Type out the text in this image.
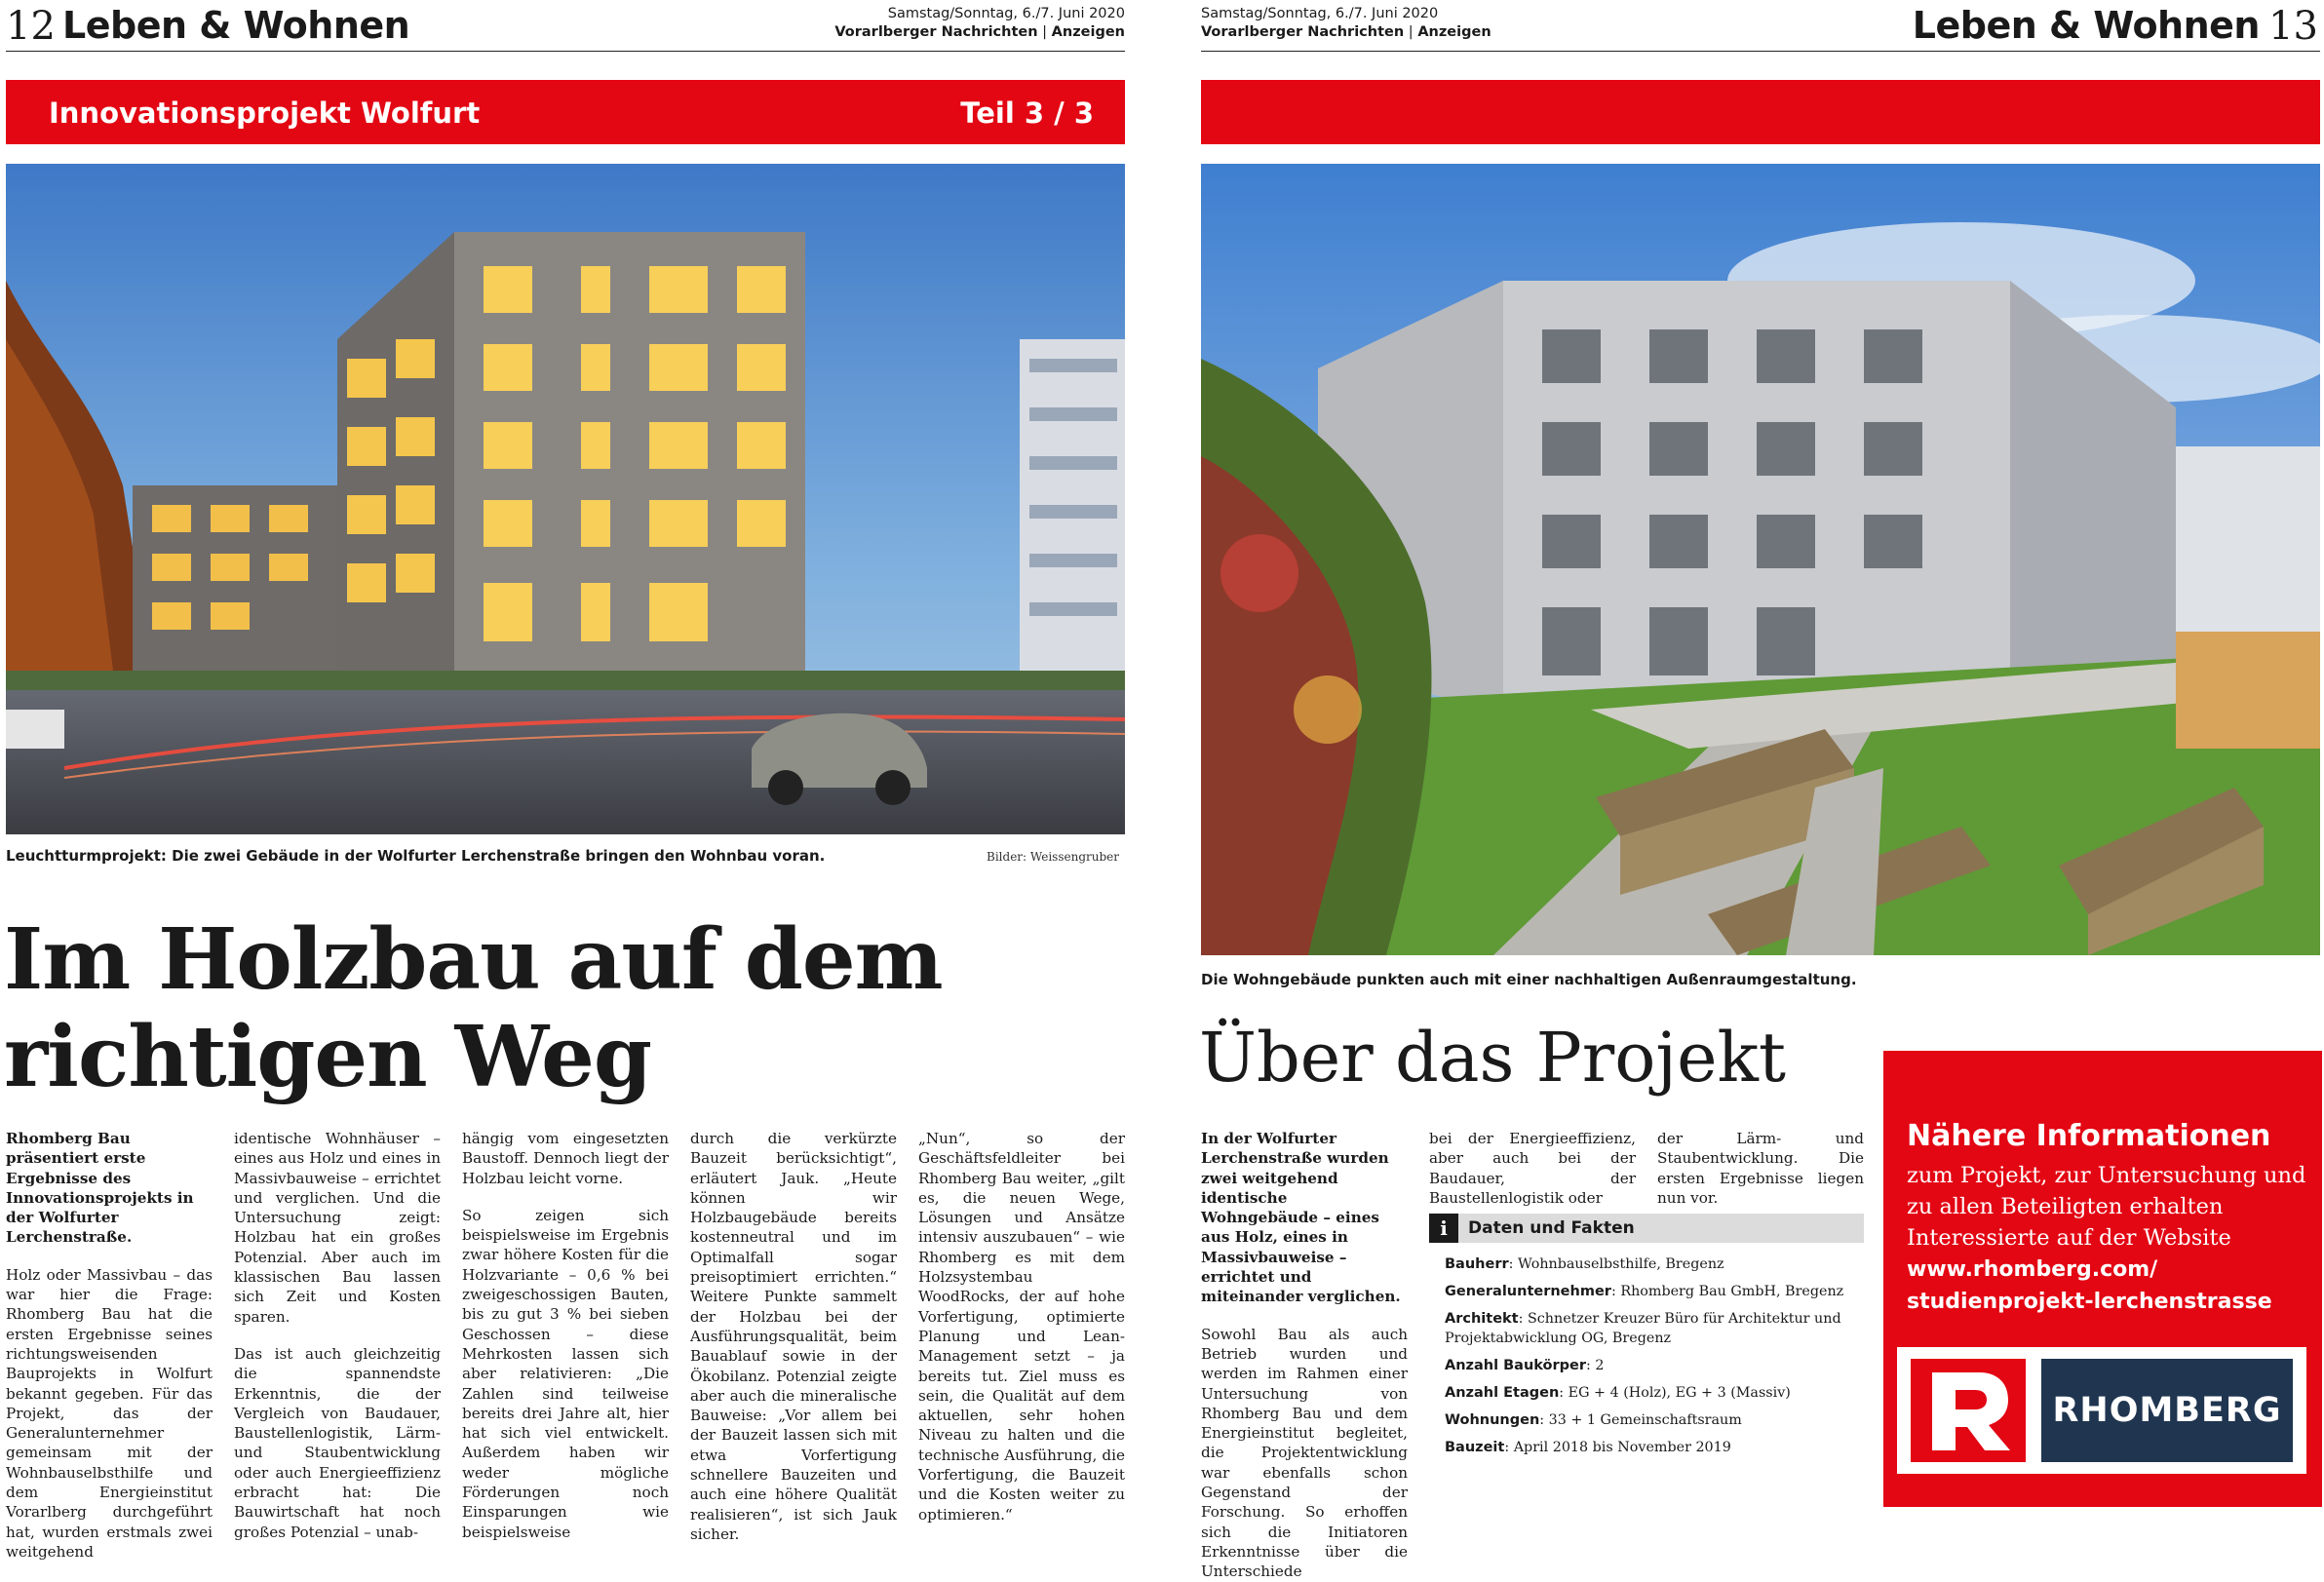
12 Leben & Wohnen	Samstag/Sonntag, 6./7. Juni 2020
Vorarlberger Nachrichten | Anzeigen
Innovationsprojekt Wolfurt	Teil 3 / 3
Leuchtturmprojekt: Die zwei Gebäude in der Wolfurter Lerchenstraße bringen den Wohnbau voran.	Bilder: Weissengruber
Im Holzbau auf dem
richtigen Weg

Rhomberg Bau präsentiert erste Ergebnisse des Innovationsprojekts in der Wolfurter Lerchenstraße.

Holz oder Massivbau – das war hier die Frage: Rhomberg Bau hat die ersten Ergebnisse seines richtungsweisenden Bauprojekts in Wolfurt bekannt gegeben. Für das Projekt, das der Generalunternehmer gemeinsam mit der Wohnbauselbsthilfe und dem Energieinstitut Vorarlberg durchgeführt hat, wurden erstmals zwei weitgehend

identische Wohnhäuser – eines aus Holz und eines in Massivbauweise – errichtet und verglichen. Und die Untersuchung zeigt: Holzbau hat ein großes Potenzial. Aber auch im klassischen Bau lassen sich Zeit und Kosten sparen.

Das ist auch gleichzeitig die spannendste Erkenntnis, die der Vergleich von Baudauer, Baustellenlogistik, Lärm- und Staubentwicklung oder auch Energieeffizienz erbracht hat: Die Bauwirtschaft hat noch großes Potenzial – unab-

hängig vom eingesetzten Baustoff. Dennoch liegt der Holzbau leicht vorne.

So zeigen sich beispielsweise im Ergebnis zwar höhere Kosten für die Holzvariante – 0,6 % bei zweigeschossigen Bauten, bis zu gut 3 % bei sieben Geschossen – diese Mehrkosten lassen sich aber relativieren: „Die Zahlen sind teilweise bereits drei Jahre alt, hier hat sich viel entwickelt. Außerdem haben wir weder mögliche Förderungen noch Einsparungen wie beispielsweise

durch die verkürzte Bauzeit berücksichtigt“, erläutert Jauk. „Heute können wir Holzbaugebäude bereits kostenneutral und im Optimalfall sogar preisoptimiert errichten.“ Weitere Punkte sammelt der Holzbau bei der Ausführungsqualität, beim Bauablauf sowie in der Ökobilanz. Potenzial zeigte aber auch die mineralische Bauweise: „Vor allem bei der Bauzeit lassen sich mit etwa Vorfertigung schnellere Bauzeiten und auch eine höhere Qualität realisieren“, ist sich Jauk sicher.

„Nun“, so der Geschäftsfeldleiter bei Rhomberg Bau weiter, „gilt es, die neuen Wege, Lösungen und Ansätze intensiv auszubauen“ – wie Rhomberg es mit dem Holzsystembau WoodRocks, der auf hohe Vorfertigung, optimierte Planung und Lean-Management setzt – ja bereits tut. Ziel muss es sein, die Qualität auf dem aktuellen, sehr hohen Niveau zu halten und die technische Ausführung, die Vorfertigung, die Bauzeit und die Kosten weiter zu optimieren.“

Samstag/Sonntag, 6./7. Juni 2020
Vorarlberger Nachrichten | Anzeigen	Leben & Wohnen 13
Die Wohngebäude punkten auch mit einer nachhaltigen Außenraumgestaltung.
Über das Projekt

In der Wolfurter Lerchenstraße wurden zwei weitgehend identische Wohngebäude – eines aus Holz, eines in Massivbauweise – errichtet und miteinander verglichen.

Sowohl Bau als auch Betrieb wurden und werden im Rahmen einer Untersuchung von Rhomberg Bau und dem Energieinstitut begleitet, die Projektentwicklung war ebenfalls schon Gegenstand der Forschung. So erhoffen sich die Initiatoren Erkenntnisse über die Unterschiede

bei der Energieeffizienz, aber auch bei der Baudauer, der Baustellenlogistik oder

der Lärm- und Staubentwicklung. Die ersten Ergebnisse liegen nun vor.

i	Daten und Fakten
Bauherr: Wohnbauselbsthilfe, Bregenz
Generalunternehmer: Rhomberg Bau GmbH, Bregenz
Architekt: Schnetzer Kreuzer Büro für Architektur und Projektabwicklung OG, Bregenz
Anzahl Baukörper: 2
Anzahl Etagen: EG + 4 (Holz), EG + 3 (Massiv)
Wohnungen: 33 + 1 Gemeinschaftsraum
Bauzeit: April 2018 bis November 2019
Nähere Informationen
zum Projekt, zur Untersuchung und zu allen Beteiligten erhalten Interessierte auf der Website www.rhomberg.com/ studienprojekt-lerchenstrasse
RHOMBERG
